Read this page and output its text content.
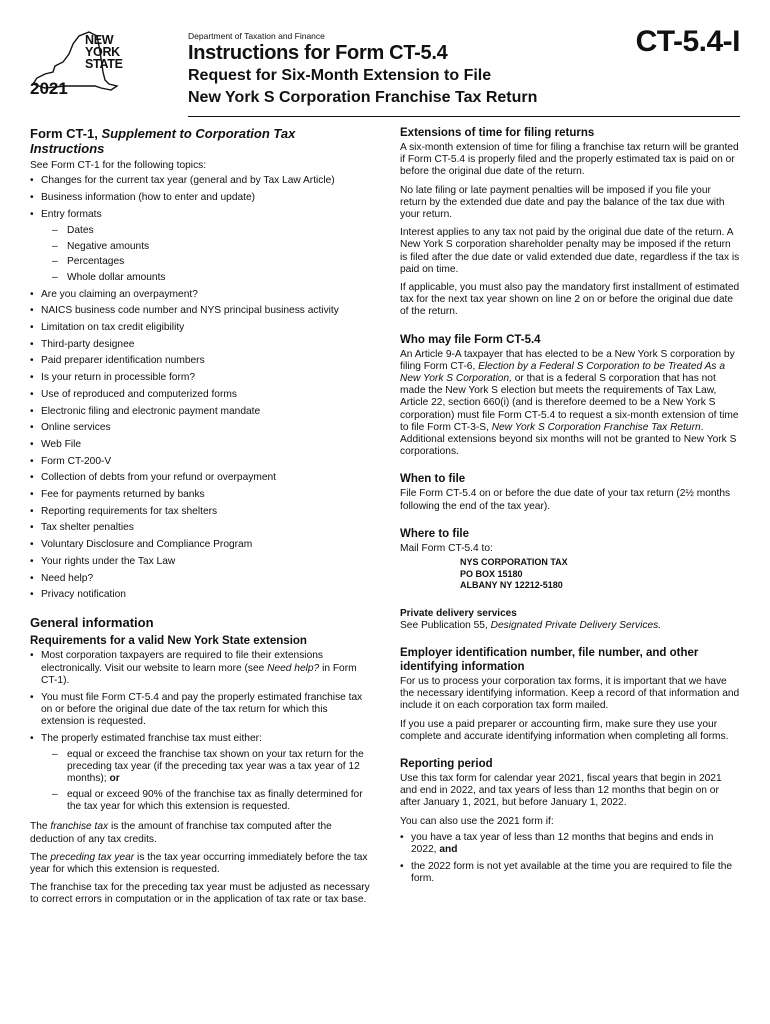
NEW
YORK
STATE
2021
Department of Taxation and Finance	CT-5.4-I
Instructions for Form CT-5.4
Request for Six-Month Extension to File
New York S Corporation Franchise Tax Return
Form CT-1, Supplement to Corporation Tax Instructions

See Form CT-1 for the following topics:

• Changes for the current tax year (general and by Tax Law Article)
• Business information (how to enter and update)
• Entry formats
– Dates
– Negative amounts
– Percentages
– Whole dollar amounts
• Are you claiming an overpayment?
• NAICS business code number and NYS principal business activity
• Limitation on tax credit eligibility
• Third-party designee
• Paid preparer identification numbers
• Is your return in processible form?
• Use of reproduced and computerized forms
• Electronic filing and electronic payment mandate
• Online services
• Web File
• Form CT-200-V
• Collection of debts from your refund or overpayment
• Fee for payments returned by banks
• Reporting requirements for tax shelters
• Tax shelter penalties
• Voluntary Disclosure and Compliance Program
• Your rights under the Tax Law
• Need help?
• Privacy notification
General information
Requirements for a valid New York State extension
• Most corporation taxpayers are required to file their extensions electronically. Visit our website to learn more (see Need help? in Form CT-1).
• You must file Form CT-5.4 and pay the properly estimated franchise tax on or before the original due date of the tax return for which this extension is requested.
• The properly estimated franchise tax must either:
– equal or exceed the franchise tax shown on your tax return for the preceding tax year (if the preceding tax year was a tax year of 12 months); or
– equal or exceed 90% of the franchise tax as finally determined for the tax year for which this extension is requested.

The franchise tax is the amount of franchise tax computed after the deduction of any tax credits.

The preceding tax year is the tax year occurring immediately before the tax year for which this extension is requested.

The franchise tax for the preceding tax year must be adjusted as necessary to correct errors in computation or in the application of tax rate or tax base.

Extensions of time for filing returns

A six-month extension of time for filing a franchise tax return will be granted if Form CT-5.4 is properly filed and the properly estimated tax is paid on or before the original due date of the return.

No late filing or late payment penalties will be imposed if you file your return by the extended due date and pay the balance of the tax due with your return.

Interest applies to any tax not paid by the original due date of the return. A New York S corporation shareholder penalty may be imposed if the return is filed after the due date or valid extended due date, regardless if the tax is paid on time.

If applicable, you must also pay the mandatory first installment of estimated tax for the next tax year shown on line 2 on or before the original due date of the return.

Who may file Form CT-5.4

An Article 9-A taxpayer that has elected to be a New York S corporation by filing Form CT-6, Election by a Federal S Corporation to be Treated As a New York S Corporation, or that is a federal S corporation that has not made the New York S election but meets the requirements of Tax Law, Article 22, section 660(i) (and is therefore deemed to be a New York S corporation) must file Form CT-5.4 to request a six-month extension of time to file Form CT-3-S, New York S Corporation Franchise Tax Return. Additional extensions beyond six months will not be granted to New York S corporations.

When to file

File Form CT-5.4 on or before the due date of your tax return (2½ months following the end of the tax year).

Where to file

Mail Form CT-5.4 to:

NYS CORPORATION TAX
PO BOX 15180
ALBANY NY 12212-5180
Private delivery services

See Publication 55, Designated Private Delivery Services.

Employer identification number, file number, and other identifying information

For us to process your corporation tax forms, it is important that we have the necessary identifying information. Keep a record of that information and include it on each corporation tax form mailed.

If you use a paid preparer or accounting firm, make sure they use your complete and accurate identifying information when completing all forms.

Reporting period

Use this tax form for calendar year 2021, fiscal years that begin in 2021 and end in 2022, and tax years of less than 12 months that begin on or after January 1, 2021, but before January 1, 2022.

You can also use the 2021 form if:

• you have a tax year of less than 12 months that begins and ends in 2022, and
• the 2022 form is not yet available at the time you are required to file the form.
